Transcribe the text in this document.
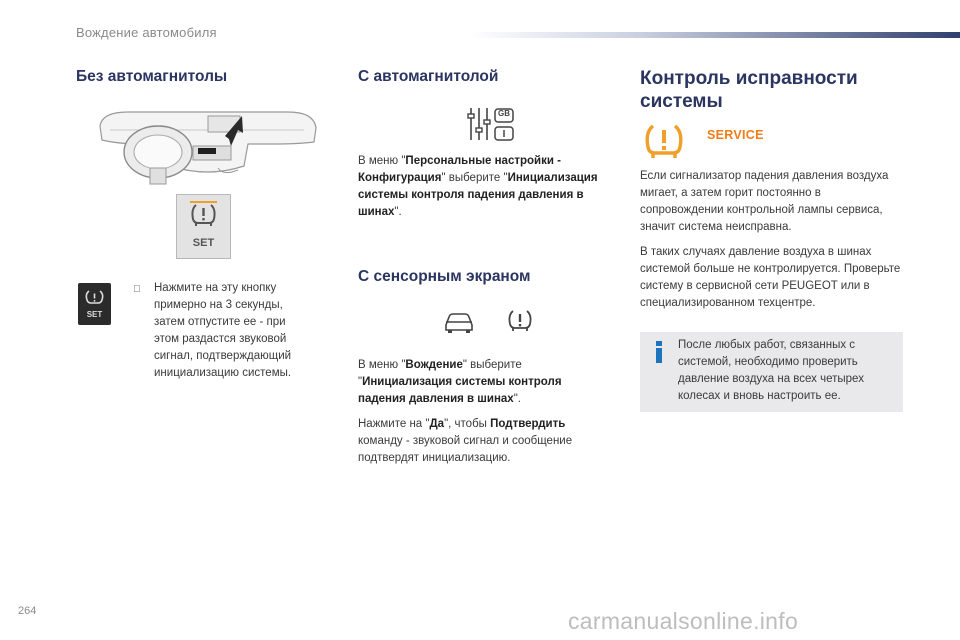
Вождение автомобиля
Без автомагнитолы
SET
SET
Нажмите на эту кнопку
примерно на 3 секунды,
затем отпустите ее - при
этом раздастся звуковой
сигнал, подтверждающий
инициализацию системы.
С автомагнитолой
GB
В меню "Персональные настройки - Конфигурация" выберите "Инициализация системы контроля падения давления в шинах".
С сенсорным экраном

В меню "Вождение" выберите "Инициализация системы контроля падения давления в шинах".

Нажмите на "Да", чтобы Подтвердить команду - звуковой сигнал и сообщение подтвердят инициализацию.

Контроль исправности системы
SERVICE

Если сигнализатор падения давления воздуха мигает, а затем горит постоянно в сопровождении контрольной лампы сервиса, значит система неисправна.

В таких случаях давление воздуха в шинах системой больше не контролируется. Проверьте систему в сервисной сети PEUGEOT или в специализированном техцентре.

После любых работ, связанных с системой, необходимо проверить давление воздуха на всех четырех колесах и вновь настроить ее.
264	carmanualsonline.info
